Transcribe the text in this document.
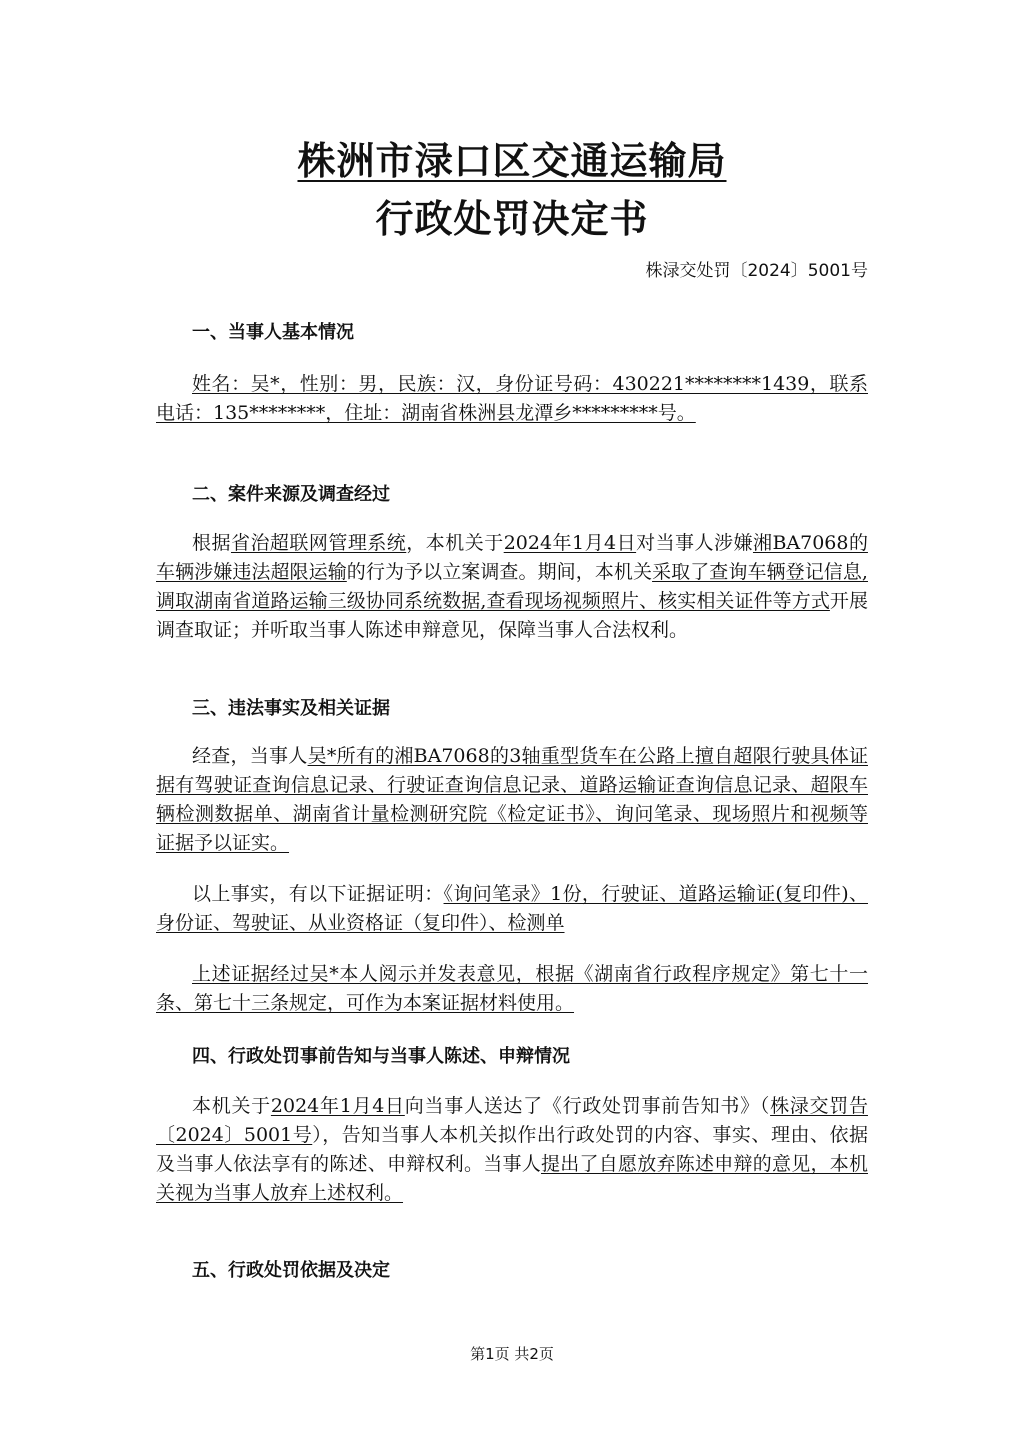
株洲市渌口区交通运输局
行政处罚决定书
株渌交处罚〔2024〕5001号
一、当事人基本情况
姓名：吴*，性别：男，民族：汉，身份证号码：430221********1439，联系电话：135********，住址：湖南省株洲县龙潭乡*********号。
二、案件来源及调查经过
根据省治超联网管理系统，本机关于2024年1月4日对当事人涉嫌湘BA7068的车辆涉嫌违法超限运输的行为予以立案调查。期间，本机关采取了查询车辆登记信息,调取湖南省道路运输三级协同系统数据,查看现场视频照片、核实相关证件等方式开展调查取证；并听取当事人陈述申辩意见，保障当事人合法权利。
三、违法事实及相关证据
经查，当事人吴*所有的湘BA7068的3轴重型货车在公路上擅自超限行驶具体证据有驾驶证查询信息记录、行驶证查询信息记录、道路运输证查询信息记录、超限车辆检测数据单、湖南省计量检测研究院《检定证书》、询问笔录、现场照片和视频等证据予以证实。
以上事实，有以下证据证明：《询问笔录》1份，行驶证、道路运输证(复印件)、身份证、驾驶证、从业资格证（复印件）、检测单
上述证据经过吴*本人阅示并发表意见，根据《湖南省行政程序规定》第七十一条、第七十三条规定，可作为本案证据材料使用。
四、行政处罚事前告知与当事人陈述、申辩情况
本机关于2024年1月4日向当事人送达了《行政处罚事前告知书》（株渌交罚告〔2024〕5001号），告知当事人本机关拟作出行政处罚的内容、事实、理由、依据及当事人依法享有的陈述、申辩权利。当事人提出了自愿放弃陈述申辩的意见，本机关视为当事人放弃上述权利。
五、行政处罚依据及决定
第1页 共2页
